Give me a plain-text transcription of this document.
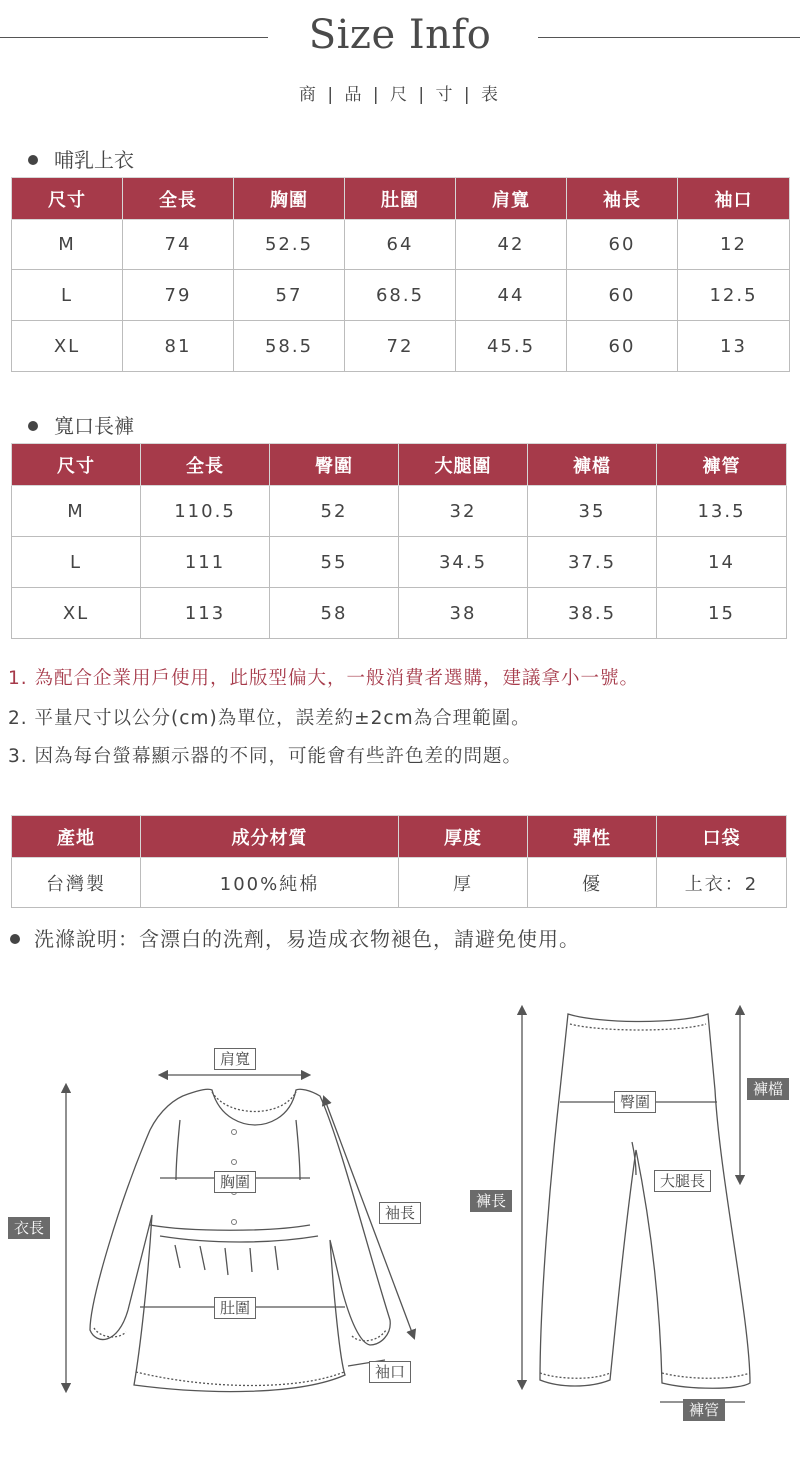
Size Info
商 | 品 | 尺 | 寸 | 表
哺乳上衣
尺寸	全長	胸圍	肚圍	肩寬	袖長	袖口
M	74	52.5	64	42	60	12
L	79	57	68.5	44	60	12.5
XL	81	58.5	72	45.5	60	13
寬口長褲
尺寸	全長	臀圍	大腿圍	褲檔	褲管
M	110.5	52	32	35	13.5
L	111	55	34.5	37.5	14
XL	113	58	38	38.5	15
1. 為配合企業用戶使用，此版型偏大，一般消費者選購，建議拿小一號。
2. 平量尺寸以公分(cm)為單位，誤差約±2cm為合理範圍。
3. 因為每台螢幕顯示器的不同，可能會有些許色差的問題。
產地	成分材質	厚度	彈性	口袋
台灣製	100%純棉	厚	優	上衣：2
洗滌說明：含漂白的洗劑，易造成衣物褪色，請避免使用。
肩寬
胸圍
肚圍
袖長
袖口
衣長
臀圍
大腿長
褲檔
褲長
褲管
